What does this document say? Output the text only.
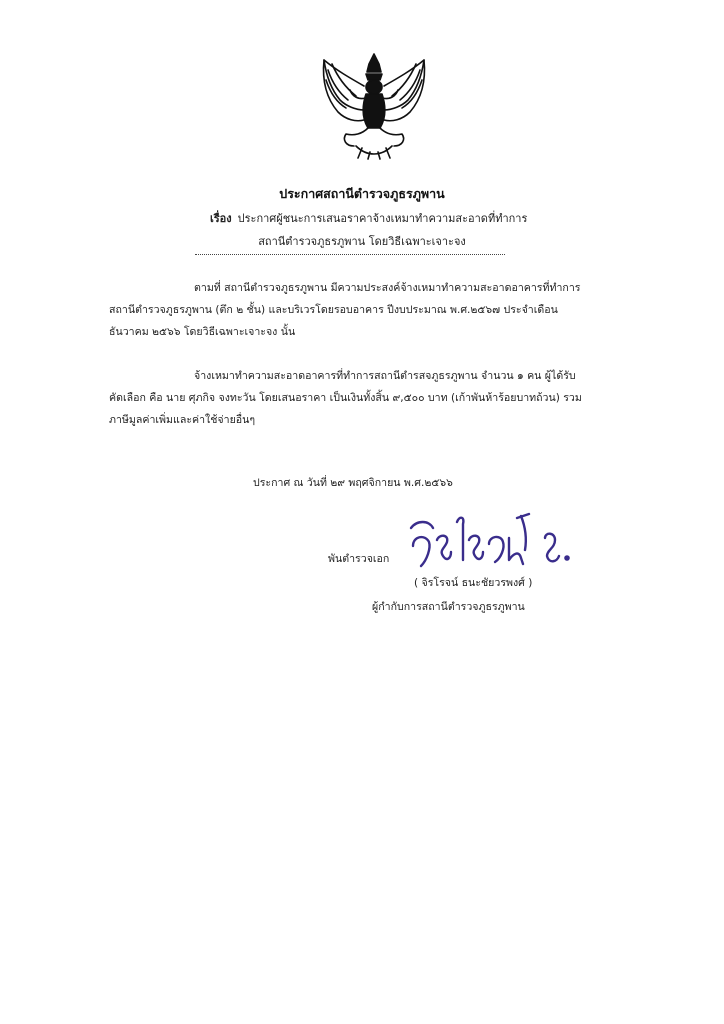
ประกาศสถานีตำรวจภูธรภูพาน
เรื่อง ประกาศผู้ชนะการเสนอราคาจ้างเหมาทำความสะอาดที่ทำการ
สถานีตำรวจภูธรภูพาน โดยวิธีเฉพาะเจาะจง
ตามที่ สถานีตำรวจภูธรภูพาน มีความประสงค์จ้างเหมาทำความสะอาดอาคารที่ทำการ
สถานีตำรวจภูธรภูพาน (ตึก ๒ ชั้น) และบริเวรโดยรอบอาคาร ปีงบประมาณ พ.ศ.๒๕๖๗ ประจำเดือน
ธันวาคม ๒๕๖๖ โดยวิธีเฉพาะเจาะจง นั้น
จ้างเหมาทำความสะอาดอาคารที่ทำการสถานีตำรสจภูธรภูพาน จำนวน ๑ คน ผู้ได้รับ
คัดเลือก คือ นาย ศุภกิจ จงทะวัน โดยเสนอราคา เป็นเงินทั้งสิ้น ๙,๕๐๐ บาท (เก้าพันห้าร้อยบาทถ้วน) รวม
ภาษีมูลค่าเพิ่มและค่าใช้จ่ายอื่นๆ
ประกาศ ณ วันที่ ๒๙ พฤศจิกายน พ.ศ.๒๕๖๖
พันตำรวจเอก
( จิรโรจน์ ธนะชัยวรพงศ์ )
ผู้กำกับการสถานีตำรวจภูธรภูพาน
